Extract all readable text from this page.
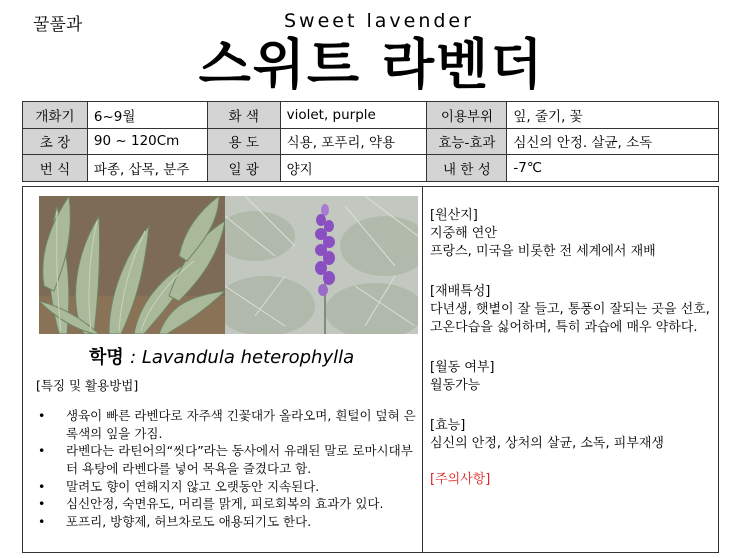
꿀풀과	Sweet lavender
스위트 라벤더
개화기	6~9월	화 색	violet, purple	이용부위	잎, 줄기, 꽃
초 장	90 ~ 120Cm	용 도	식용, 포푸리, 약용	효능-효과	심신의 안정. 살균, 소독
번 식	파종, 삽목, 분주	일 광	양지	내 한 성	-7℃
학명 : Lavandula heterophylla
[특징 및 활용방법]
• 생육이 빠른 라벤다로 자주색 긴꽃대가 올라오며, 흰털이 덮혀 은록색의 잎을 가짐.
• 라벤다는 라틴어의“씻다”라는 동사에서 유래된 말로 로마시대부터 욕탕에 라벤다를 넣어 목욕을 즐겼다고 함.
• 말려도 향이 연해지지 않고 오랫동안 지속된다.
• 심신안정, 숙면유도, 머리를 맑게, 피로회복의 효과가 있다.
• 포프리, 방향제, 허브차로도 애용되기도 한다.
[원산지]
지중해 연안
프랑스, 미국을 비롯한 전 세계에서 재배
[재배특성]
다년생, 햇볕이 잘 들고, 통풍이 잘되는 곳을 선호, 고온다습을 싫어하며, 특히 과습에 매우 약하다.
[월동 여부]
월동가능
[효능]
심신의 안정, 상처의 살균, 소독, 피부재생
[주의사항]
